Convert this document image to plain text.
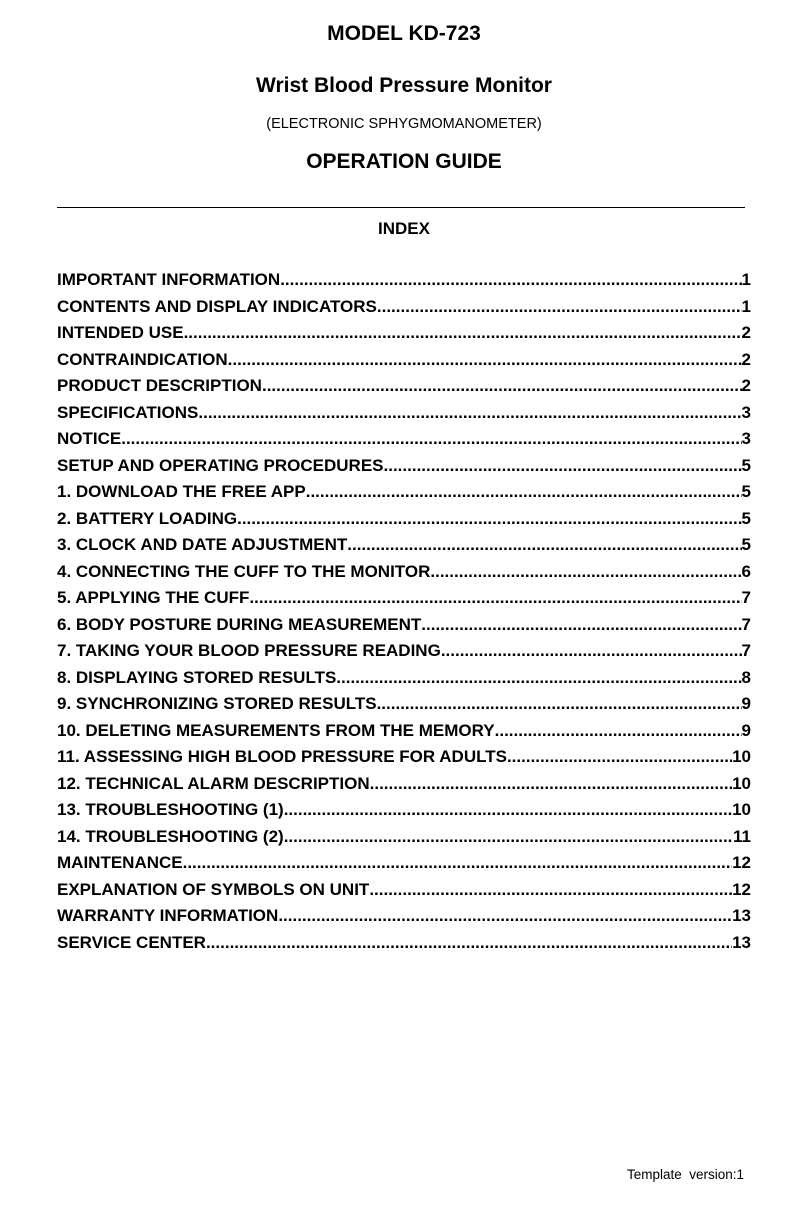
MODEL KD-723
Wrist Blood Pressure Monitor
(ELECTRONIC SPHYGMOMANOMETER)
OPERATION GUIDE
INDEX
IMPORTANT INFORMATION .....	1
CONTENTS AND DISPLAY INDICATORS .....	1
INTENDED USE .....	2
CONTRAINDICATION .....	2
PRODUCT DESCRIPTION .....	2
SPECIFICATIONS .....	3
NOTICE .....	3
SETUP AND OPERATING PROCEDURES .....	5
1. DOWNLOAD THE FREE APP .....	5
2. BATTERY LOADING .....	5
3. CLOCK AND DATE ADJUSTMENT .....	5
4. CONNECTING THE CUFF TO THE MONITOR .....	6
5. APPLYING THE CUFF .....	7
6. BODY POSTURE DURING MEASUREMENT .....	7
7. TAKING YOUR BLOOD PRESSURE READING .....	7
8. DISPLAYING STORED RESULTS .....	8
9. SYNCHRONIZING STORED RESULTS .....	9
10. DELETING MEASUREMENTS FROM THE MEMORY .....	9
11. ASSESSING HIGH BLOOD PRESSURE FOR ADULTS .....	10
12. TECHNICAL ALARM DESCRIPTION .....	10
13. TROUBLESHOOTING (1) .....	10
14. TROUBLESHOOTING (2) .....	11
MAINTENANCE .....	12
EXPLANATION OF SYMBOLS ON UNIT .....	12
WARRANTY INFORMATION .....	13
SERVICE CENTER .....	13
Template  version:1
